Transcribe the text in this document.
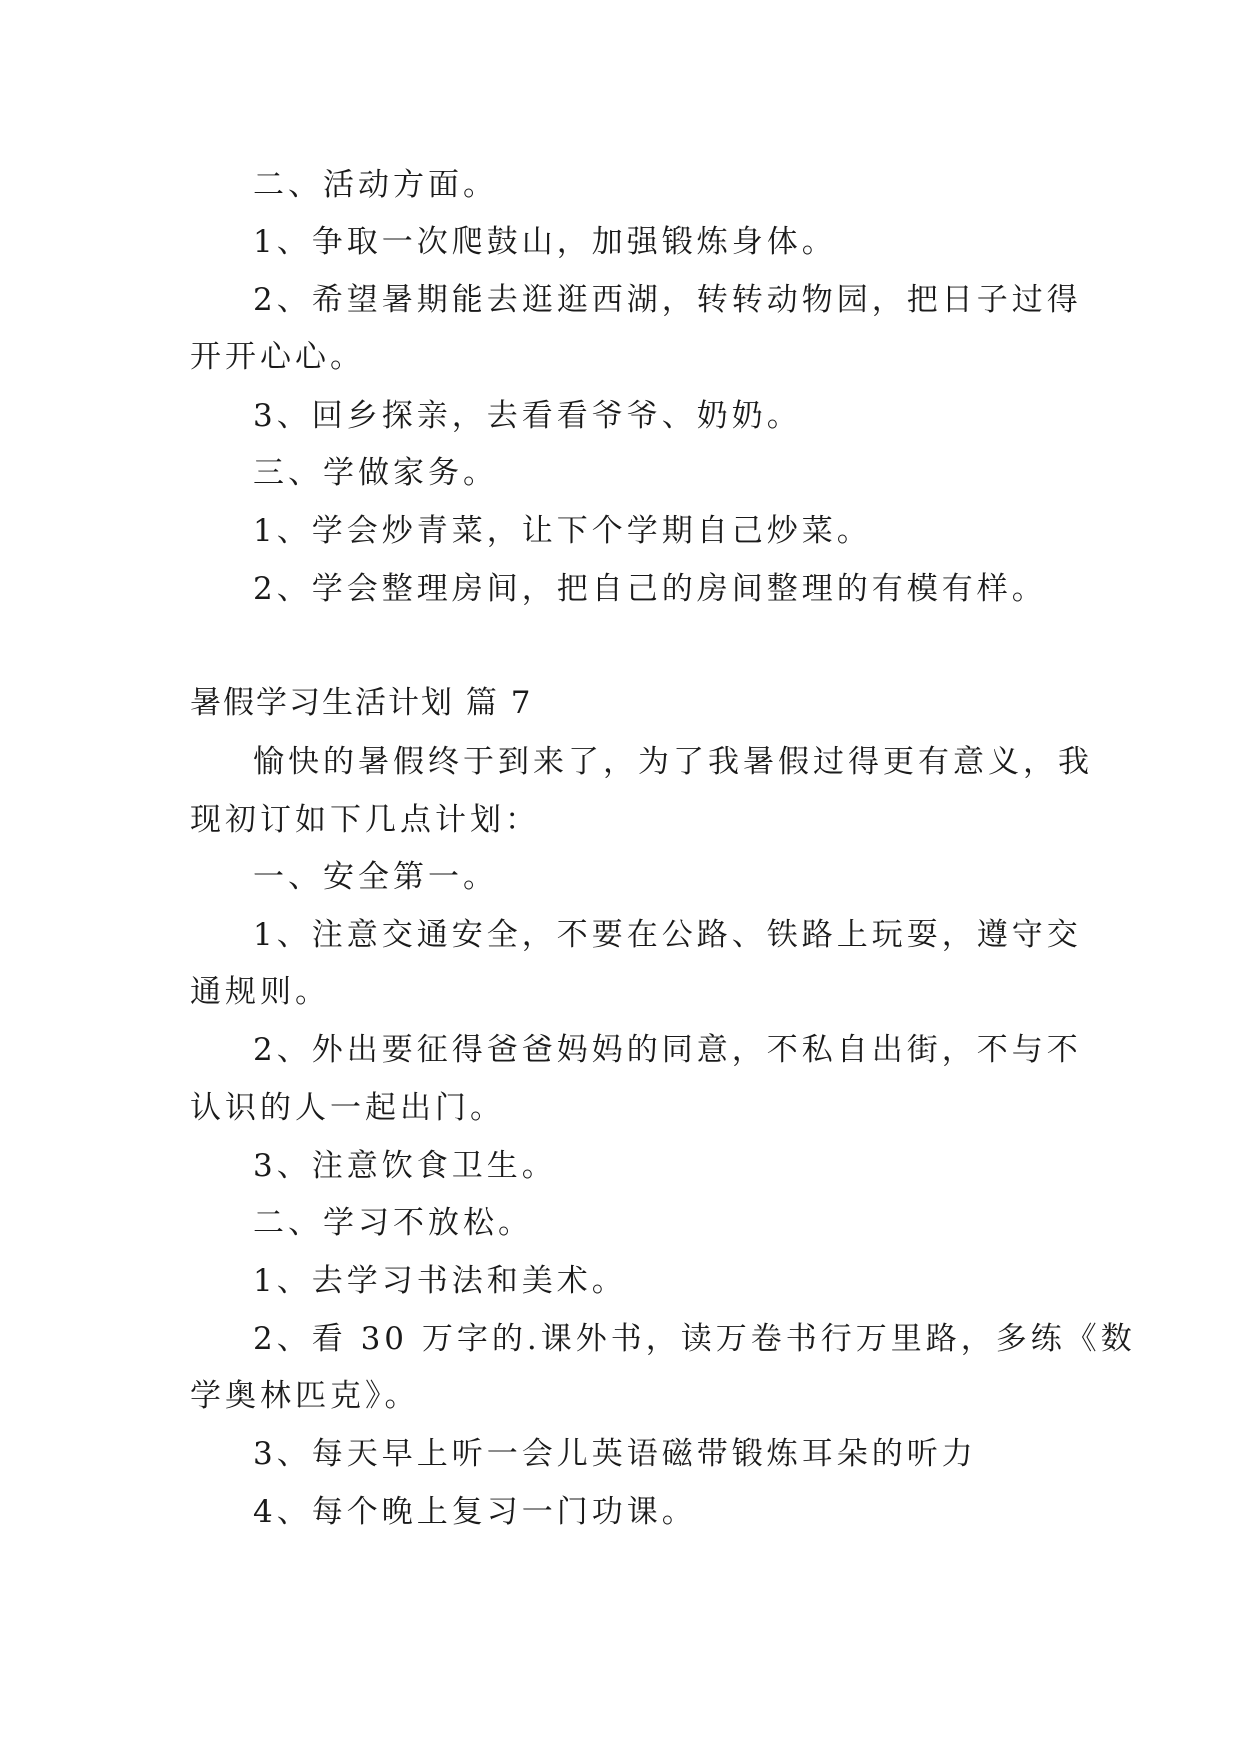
二、活动方面。
1、争取一次爬鼓山，加强锻炼身体。
2、希望暑期能去逛逛西湖，转转动物园，把日子过得
开开心心。
3、回乡探亲，去看看爷爷、奶奶。
三、学做家务。
1、学会炒青菜，让下个学期自己炒菜。
2、学会整理房间，把自己的房间整理的有模有样。
暑假学习生活计划 篇 7
愉快的暑假终于到来了，为了我暑假过得更有意义，我
现初订如下几点计划：
一、安全第一。
1、注意交通安全，不要在公路、铁路上玩耍，遵守交
通规则。
2、外出要征得爸爸妈妈的同意，不私自出街，不与不
认识的人一起出门。
3、注意饮食卫生。
二、学习不放松。
1、去学习书法和美术。
2、看 30 万字的.课外书，读万卷书行万里路，多练《数
学奥林匹克》。
3、每天早上听一会儿英语磁带锻炼耳朵的听力
4、每个晚上复习一门功课。
